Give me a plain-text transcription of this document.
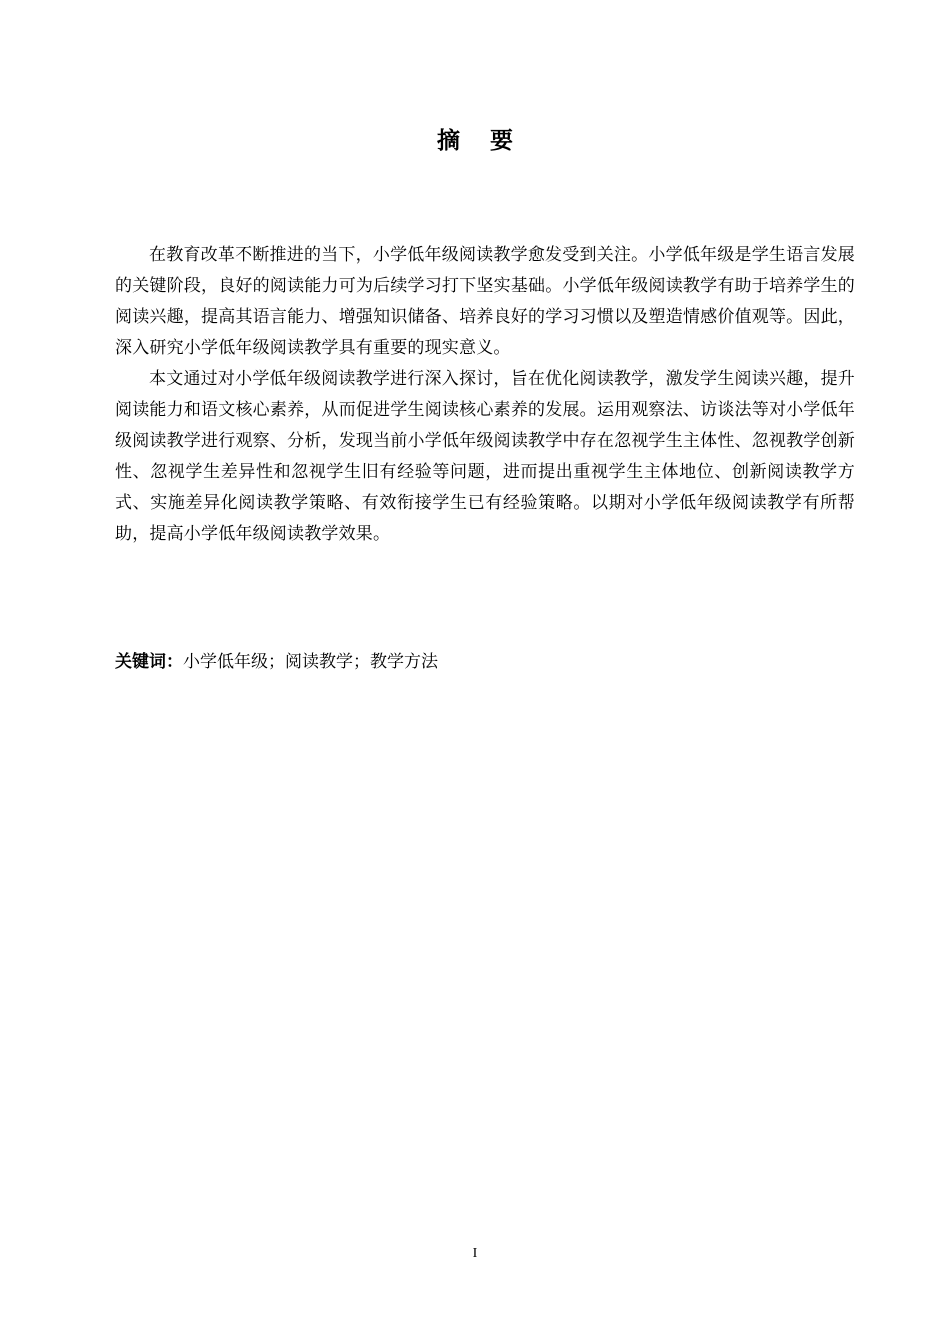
摘要

在教育改革不断推进的当下，小学低年级阅读教学愈发受到关注。小学低年级是学生语言发展的关键阶段，良好的阅读能力可为后续学习打下坚实基础。小学低年级阅读教学有助于培养学生的阅读兴趣，提高其语言能力、增强知识储备、培养良好的学习习惯以及塑造情感价值观等。因此，深入研究小学低年级阅读教学具有重要的现实意义。

本文通过对小学低年级阅读教学进行深入探讨，旨在优化阅读教学，激发学生阅读兴趣，提升阅读能力和语文核心素养，从而促进学生阅读核心素养的发展。运用观察法、访谈法等对小学低年级阅读教学进行观察、分析，发现当前小学低年级阅读教学中存在忽视学生主体性、忽视教学创新性、忽视学生差异性和忽视学生旧有经验等问题，进而提出重视学生主体地位、创新阅读教学方式、实施差异化阅读教学策略、有效衔接学生已有经验策略。以期对小学低年级阅读教学有所帮助，提高小学低年级阅读教学效果。

关键词：小学低年级；阅读教学；教学方法
I
